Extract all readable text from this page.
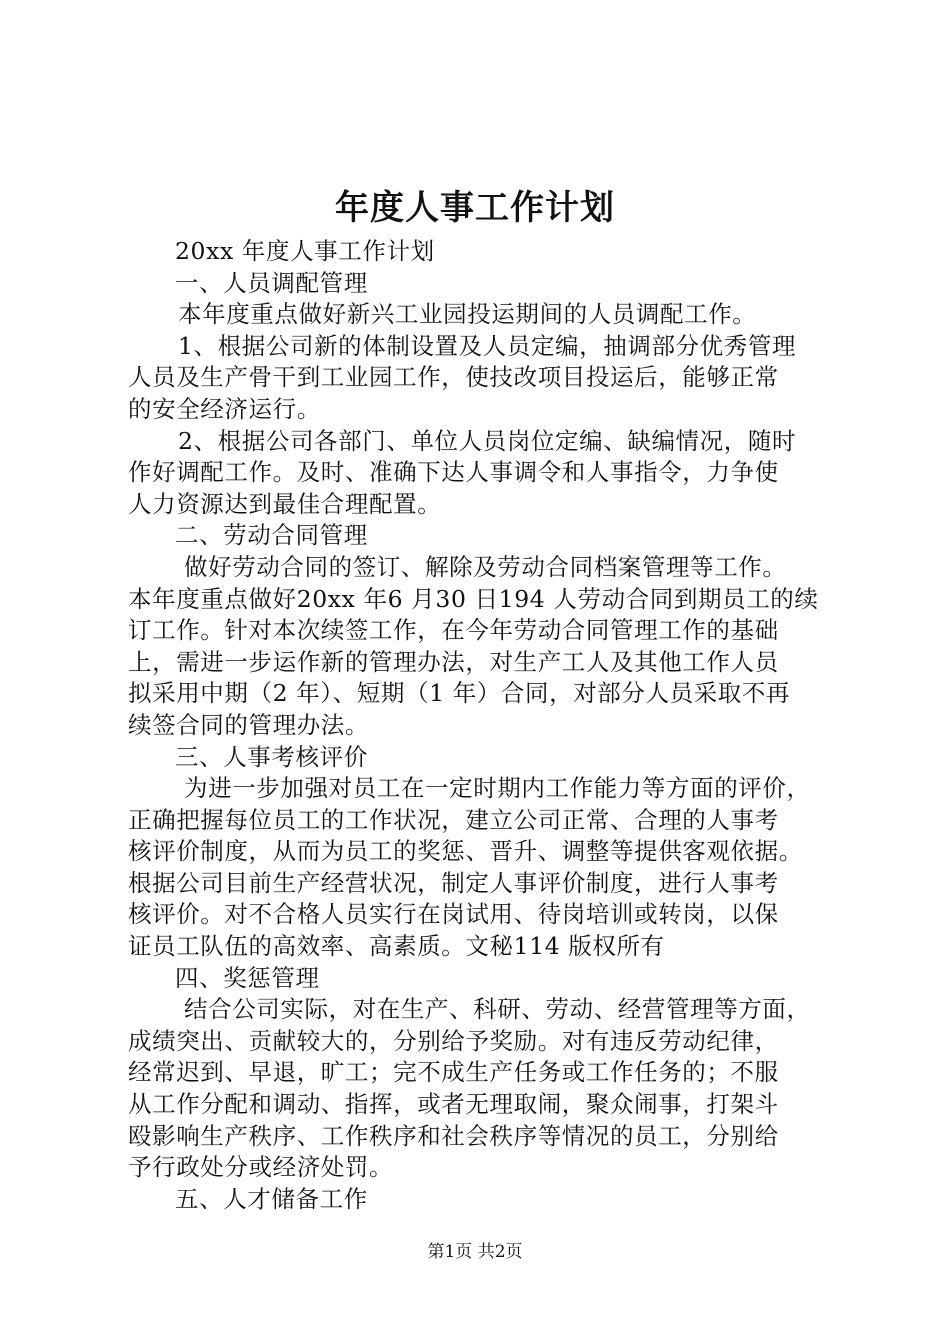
年度人事工作计划

20xx 年度人事工作计划

一、人员调配管理

本年度重点做好新兴工业园投运期间的人员调配工作。

1、根据公司新的体制设置及人员定编，抽调部分优秀管理

人员及生产骨干到工业园工作，使技改项目投运后，能够正常

的安全经济运行。

2、根据公司各部门、单位人员岗位定编、缺编情况，随时

作好调配工作。及时、准确下达人事调令和人事指令，力争使

人力资源达到最佳合理配置。

二、劳动合同管理

做好劳动合同的签订、解除及劳动合同档案管理等工作。

本年度重点做好20xx 年6 月30 日194 人劳动合同到期员工的续

订工作。针对本次续签工作，在今年劳动合同管理工作的基础

上，需进一步运作新的管理办法，对生产工人及其他工作人员

拟采用中期（2 年）、短期（1 年）合同，对部分人员采取不再

续签合同的管理办法。

三、人事考核评价

为进一步加强对员工在一定时期内工作能力等方面的评价，

正确把握每位员工的工作状况，建立公司正常、合理的人事考

核评价制度，从而为员工的奖惩、晋升、调整等提供客观依据。

根据公司目前生产经营状况，制定人事评价制度，进行人事考

核评价。对不合格人员实行在岗试用、待岗培训或转岗，以保

证员工队伍的高效率、高素质。文秘114 版权所有

四、奖惩管理

结合公司实际，对在生产、科研、劳动、经营管理等方面，

成绩突出、贡献较大的，分别给予奖励。对有违反劳动纪律，

经常迟到、早退，旷工；完不成生产任务或工作任务的；不服

从工作分配和调动、指挥，或者无理取闹，聚众闹事，打架斗

殴影响生产秩序、工作秩序和社会秩序等情况的员工，分别给

予行政处分或经济处罚。

五、人才储备工作

第1页 共2页
